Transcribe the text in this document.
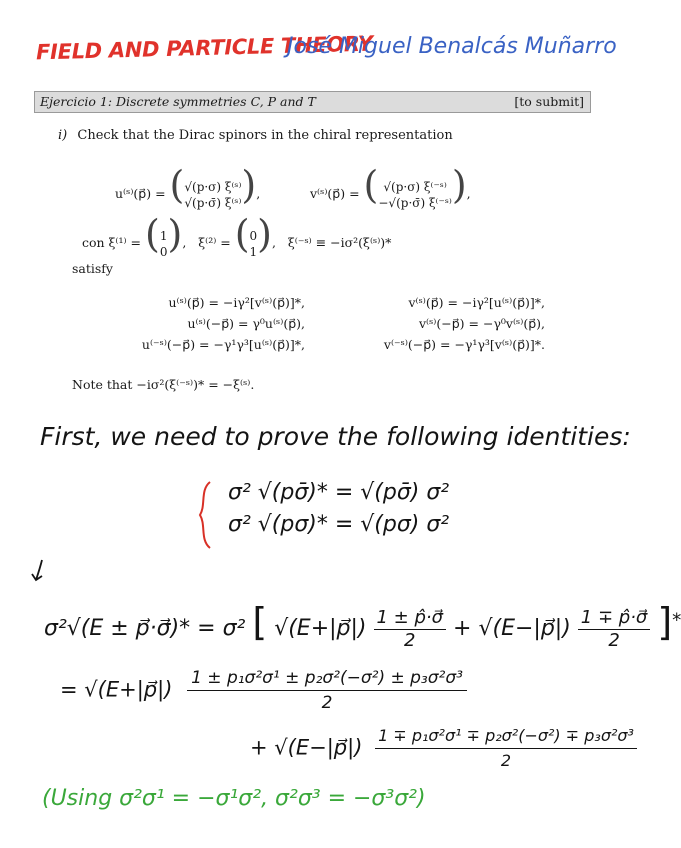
FIELD AND PARTICLE THEORY
José Miguel Benalcás Muñarro
Ejercicio 1: Discrete symmetries C, P and T	[to submit]
i) Check that the Dirac spinors in the chiral representation
u⁽ˢ⁾(p⃗) = (√(p·σ) ξ⁽ˢ⁾
√(p·σ̄) ξ⁽ˢ⁾),	v⁽ˢ⁾(p⃗) = ( √(p·σ) ξ⁽⁻ˢ⁾
−√(p·σ̄) ξ⁽⁻ˢ⁾),
con ξ⁽¹⁾ = (1
0),   ξ⁽²⁾ = (0
1),   ξ⁽⁻ˢ⁾ ≡ −iσ²(ξ⁽ˢ⁾)*
satisfy
u⁽ˢ⁾(p⃗) = −iγ²[v⁽ˢ⁾(p⃗)]*,
u⁽ˢ⁾(−p⃗) = γ⁰u⁽ˢ⁾(p⃗),
u⁽⁻ˢ⁾(−p⃗) = −γ¹γ³[u⁽ˢ⁾(p⃗)]*,
v⁽ˢ⁾(p⃗) = −iγ²[u⁽ˢ⁾(p⃗)]*,
v⁽ˢ⁾(−p⃗) = −γ⁰v⁽ˢ⁾(p⃗),
v⁽⁻ˢ⁾(−p⃗) = −γ¹γ³[v⁽ˢ⁾(p⃗)]*.
Note that −iσ²(ξ⁽⁻ˢ⁾)* = −ξ⁽ˢ⁾.
First, we need to prove the following identities:
σ² √(pσ̄)* = √(pσ̄) σ²
σ² √(pσ)* = √(pσ) σ²
σ²√(E ± p⃗·σ⃗)* = σ² [ √(E+|p⃗|) $\frac{1 \pm p̂\cdot\sigma⃗}{2}$ + √(E−|p⃗|) $\frac{1 \mp p̂\cdot\sigma⃗}{2} ]^*$
= √(E+|p⃗|) $\frac{\text{1 ± p₁σ²σ¹ ± p₂σ²(−σ²) ± p₃σ²σ³}}{2}$
+ √(E−|p⃗|) $\frac{\text{1 ∓ p₁σ²σ¹ ∓ p₂σ²(−σ²) ∓ p₃σ²σ³}}{2}$
(Using σ²σ¹ = −σ¹σ², σ²σ³ = −σ³σ²)
